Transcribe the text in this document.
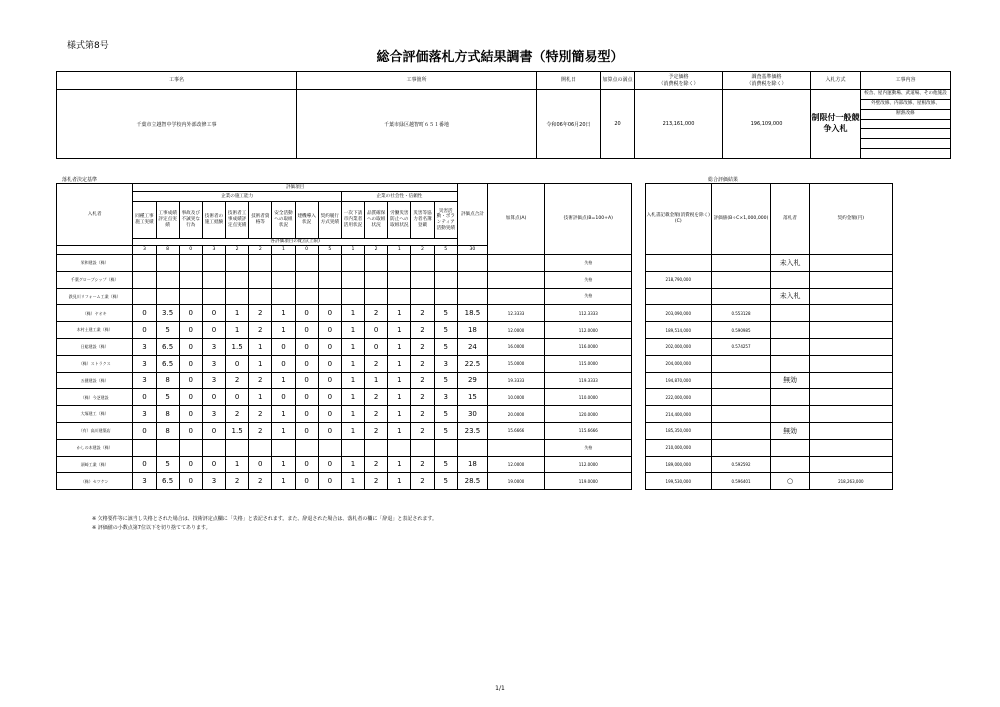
様式第8号
総合評価落札方式結果調書（特別簡易型）
工事名	工事箇所	開札日	加算点の満点	予定価格
（消費税を除く）	調査基準価格
（消費税を除く）	入札方式	工事内容
千葉市立越智中学校内外部改修工事	千葉市緑区越智町６５１番地	令和06年06月20日	20	213,161,000	196,109,000	制限付一般競争入札	校舎、屋内運動場、武道場、その他施設
外壁改修、内部改修、屋根改修、
断熱改修
落札者決定基準	総合評価結果
入札者	評価項目														評価点合計	加算点(A)	技術評価点(B=100+A)		入札書記載金額(消費税を除く)(C)	評価値(B÷C×1,000,000)	落札者	契約金額(円)
	企業の施工能力									企業の社会性・信頼性												
	同種工事施工実績	工事成績評定点実績	事故及び不誠実な行為	技術者の施工経験	技術者工事成績評定点実績	技術者資格等	安全活動への取組状況	建機導入状況	契約履行方式実績	一次下請市内業者活用状況	品質確保への取組状況	労働災害防止への取組状況	災害等協力者名簿登載	災害活動・ボランティア活動実績								
	各評価項目の配点(上限)																					
	3	8	0	3	2	2	1	0	5	1	2	1	2	5	30							
栄和建設（株）																	失格				未入札	
千葉グローブシップ（株）																	失格		218,790,000			
鉄見川リフォーム工業（株）																	失格				未入札	
（株）ヤオキ	0	3.5	0	0	1	2	1	0	0	1	2	1	2	5	18.5	12.3333	112.3333		203,090,000	0.553128		
木村土建工業（株）	0	5	0	0	1	2	1	0	0	1	0	1	2	5	18	12.0000	112.0000		189,514,000	0.590985		
日総建設（株）	3	6.5	0	3	1.5	1	0	0	0	1	0	1	2	5	24	16.0000	116.0000		202,000,000	0.574257		
（株）ストラクス	3	6.5	0	3	0	1	0	0	0	1	2	1	2	3	22.5	15.0000	115.0000		204,000,000			
五健建設（株）	3	8	0	3	2	2	1	0	0	1	1	1	2	5	29	19.3333	119.3333		194,870,000		無効	
（株）今芝建設	0	5	0	0	0	1	0	0	0	1	2	1	2	3	15	10.0000	110.0000		222,000,000			
大塚建工（株）	3	8	0	3	2	2	1	0	0	1	2	1	2	5	30	20.0000	120.0000		214,400,000			
（有）高川建築店	0	8	0	0	1.5	2	1	0	0	1	2	1	2	5	23.5	15.6666	115.6666		185,350,000		無効	
かしの木建設（株）																	失格		210,000,000			
須崎工業（株）	0	5	0	0	1	0	1	0	0	1	2	1	2	5	18	12.0000	112.0000		189,000,000	0.592592		
（株）セツケン	3	6.5	0	3	2	2	1	0	0	1	2	1	2	5	28.5	19.0000	119.0000		199,530,000	0.596401	○	218,263,000
※ 欠格要件等に該当し失格とされた場合は、技術評定点欄に「失格」と表記されます。また、辞退された場合は、落札者の欄に「辞退」と表記されます。
※ 評価値の小数点第7位以下を切り捨ててあります。
1/1
